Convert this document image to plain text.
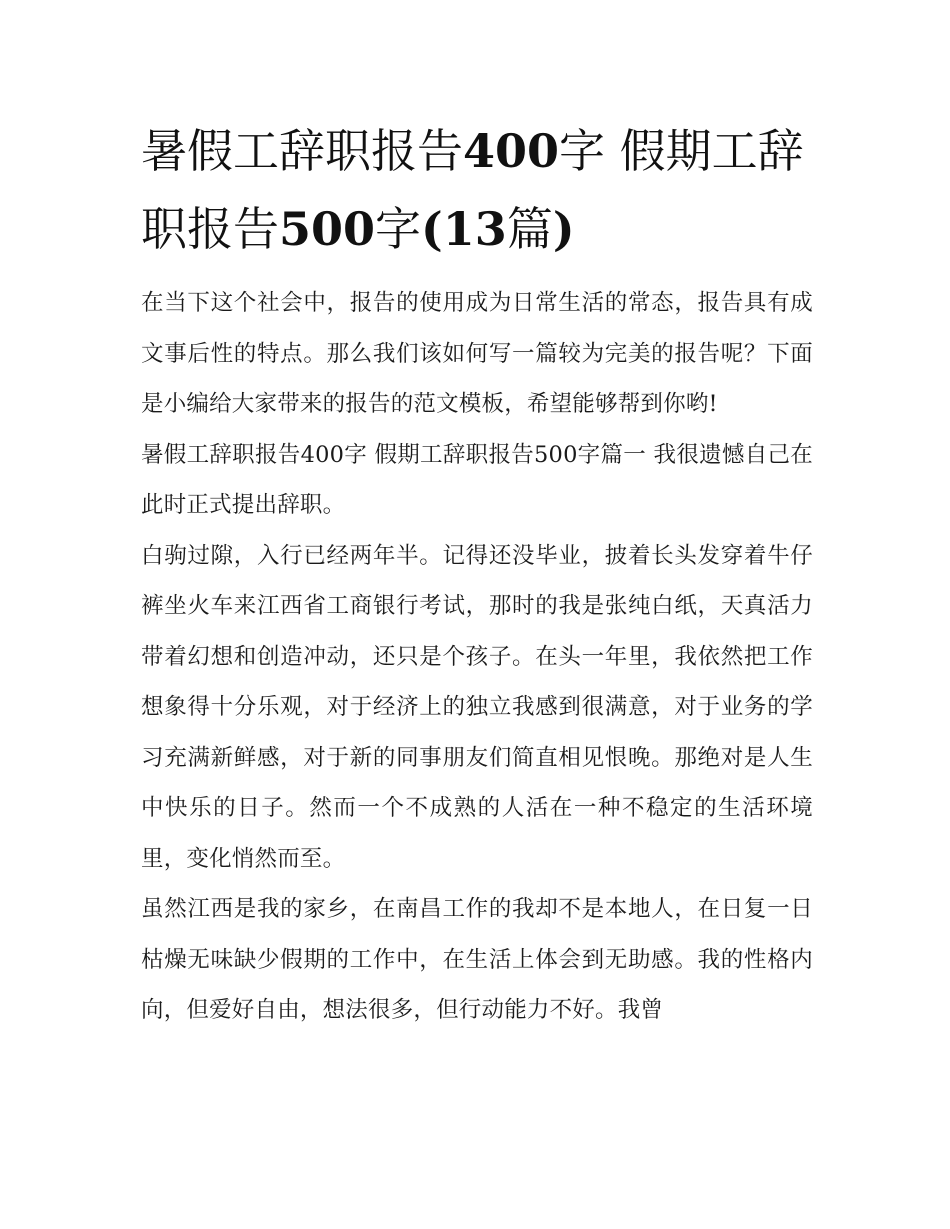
暑假工辞职报告400字 假期工辞职报告500字(13篇)

在当下这个社会中，报告的使用成为日常生活的常态，报告具有成文事后性的特点。那么我们该如何写一篇较为完美的报告呢？下面是小编给大家带来的报告的范文模板，希望能够帮到你哟!

暑假工辞职报告400字 假期工辞职报告500字篇一 我很遗憾自己在此时正式提出辞职。

白驹过隙，入行已经两年半。记得还没毕业，披着长头发穿着牛仔裤坐火车来江西省工商银行考试，那时的我是张纯白纸，天真活力带着幻想和创造冲动，还只是个孩子。在头一年里，我依然把工作想象得十分乐观，对于经济上的独立我感到很满意，对于业务的学习充满新鲜感，对于新的同事朋友们简直相见恨晚。那绝对是人生中快乐的日子。然而一个不成熟的人活在一种不稳定的生活环境里，变化悄然而至。

虽然江西是我的家乡，在南昌工作的我却不是本地人，在日复一日枯燥无味缺少假期的工作中，在生活上体会到无助感。我的性格内向，但爱好自由，想法很多，但行动能力不好。我曾
